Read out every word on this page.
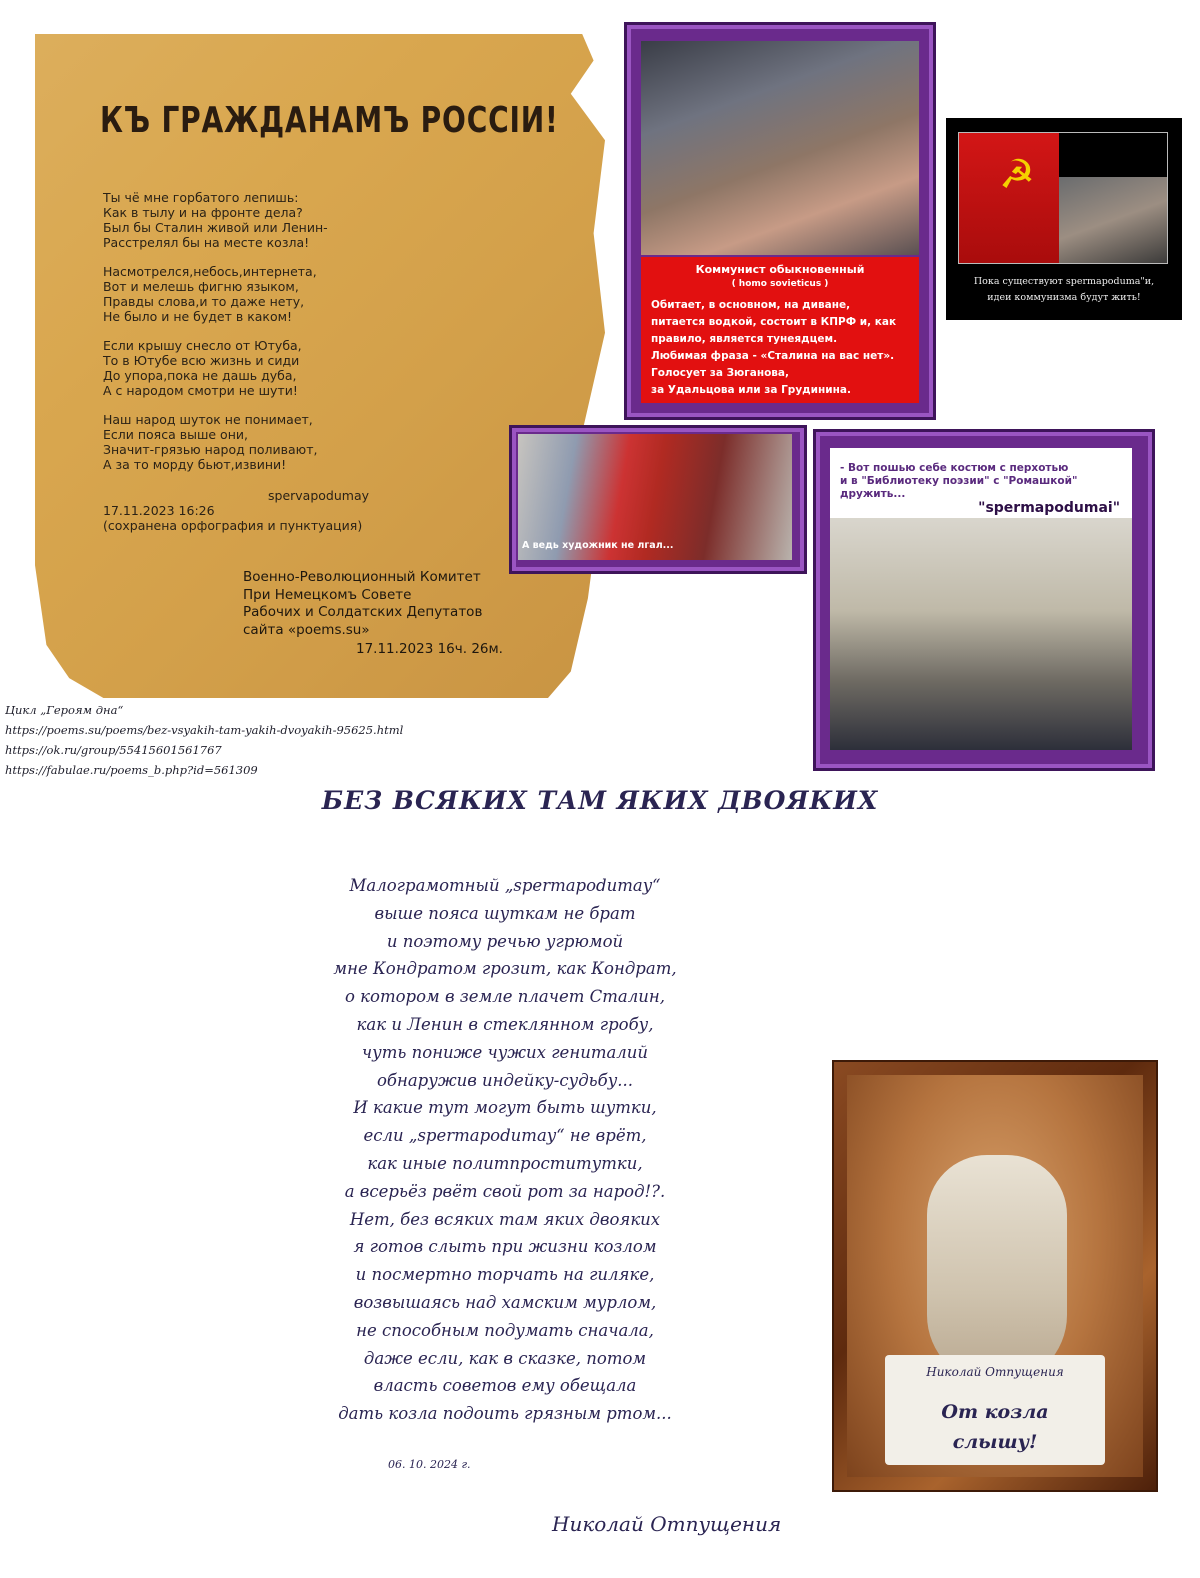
КЪ ГРАЖДАНАМЪ РОССІИ!
Ты чё мне горбатого лепишь:
Как в тылу и на фронте дела?
Был бы Сталин живой или Ленин-
Расстрелял бы на месте козла!
Насмотрелся,небось,интернета,
Вот и мелешь фигню языком,
Правды слова,и то даже нету,
Не было и не будет в каком!
Если крышу снесло от Ютуба,
То в Ютубе всю жизнь и сиди
До упора,пока не дашь дуба,
А с народом смотри не шути!
Наш народ шуток не понимает,
Если пояса выше они,
Значит-грязью народ поливают,
А за то морду бьют,извини!
spervapodumay
17.11.2023 16:26
(сохранена орфография и пунктуация)
Военно-Революционный Комитет
При Немецкомъ Совете
Рабочих и Солдатских Депутатов
сайта «poems.su»
17.11.2023 16ч. 26м.
Коммунист обыкновенный
( homo sovieticus )
Обитает, в основном, на диване,
питается водкой, состоит в КПРФ и, как
правило, является тунеядцем.
Любимая фраза - «Сталина на вас нет».
Голосует за Зюганова,
за Удальцова или за Грудинина.
☭
Пока существуют spermapoduma"и,
идеи коммунизма будут жить!
А ведь художник не лгал...
- Вот пошью себе костюм с перхотью
и в "Библиотеку поэзии" с "Ромашкой"
дружить...
"spermapodumai"
Цикл „Героям дна“
https://poems.su/poems/bez-vsyakih-tam-yakih-dvoyakih-95625.html
https://ok.ru/group/55415601561767
https://fabulae.ru/poems_b.php?id=561309
БЕЗ ВСЯКИХ ТАМ ЯКИХ ДВОЯКИХ
Малограмотный „spermapodumay“
выше пояса шуткам не брат
и поэтому речью угрюмой
мне Кондратом грозит, как Кондрат,
о котором в земле плачет Сталин,
как и Ленин в стеклянном гробу,
чуть пониже чужих гениталий
обнаружив индейку-судьбу...
И какие тут могут быть шутки,
если „spermapodumay“ не врёт,
как иные политпроститутки,
а всерьёз рвёт свой рот за народ!?.
Нет, без всяких там яких двояких
я готов слыть при жизни козлом
и посмертно торчать на гиляке,
возвышаясь над хамским мурлом,
не способным подумать сначала,
даже если, как в сказке, потом
власть советов ему обещала
дать козла подоить грязным ртом...
06. 10. 2024 г.
Николай Отпущения
Николай Отпущения
От козла
слышу!
